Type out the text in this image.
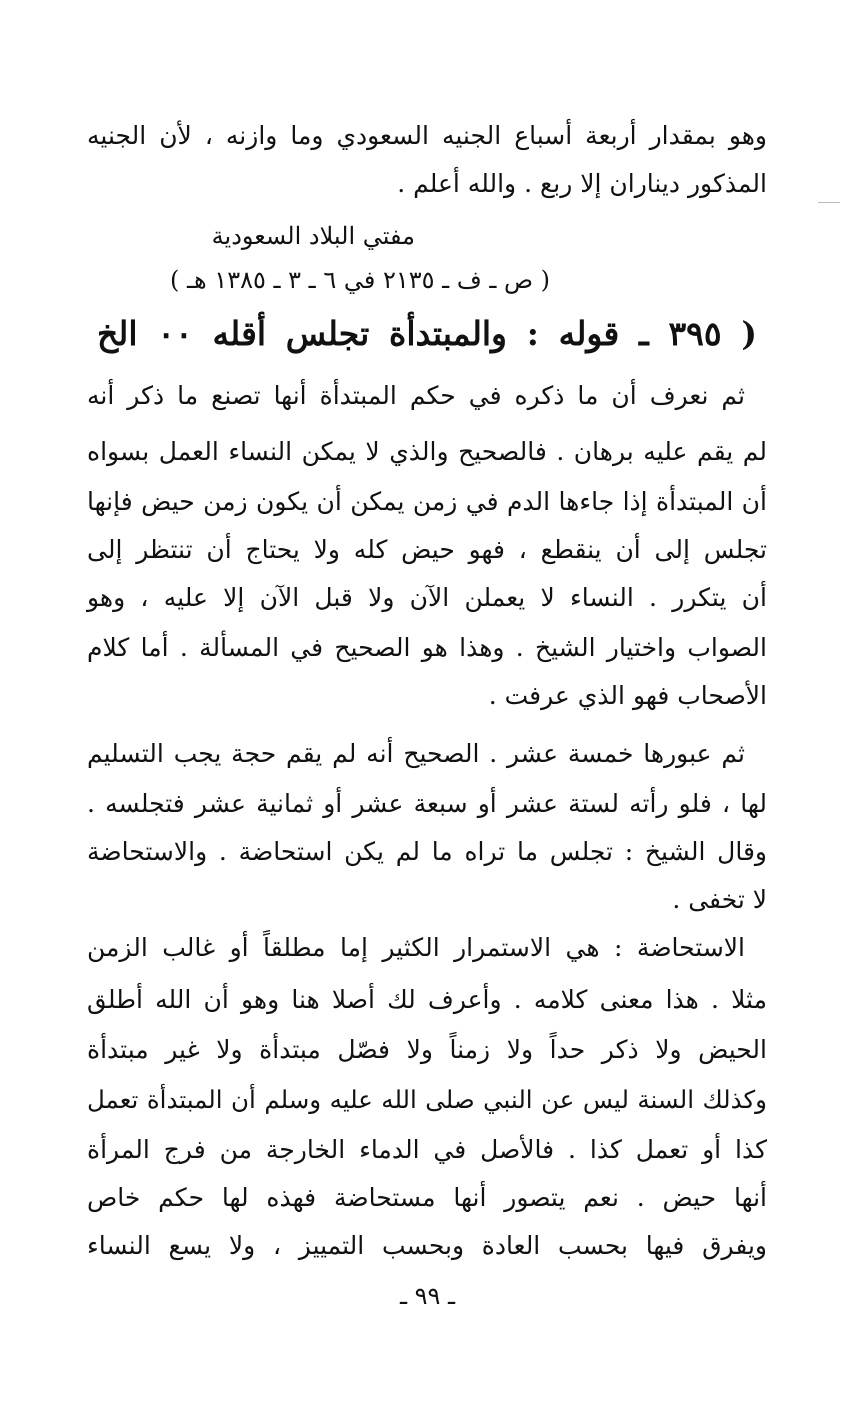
وهو بمقدار أربعة أسباع الجنيه السعودي وما وازنه ، لأن الجنيه
المذكور ديناران إلا ربع . والله أعلم .
مفتي البلاد السعودية
( ص ـ ف ـ ٢١٣٥ في ٦ ـ ٣ ـ ١٣٨٥ هـ )
( ٣٩٥ ـ قوله : والمبتدأة تجلس أقله ٠٠ الخ
ثم نعرف أن ما ذكره في حكم المبتدأة أنها تصنع ما ذكر أنه
لم يقم عليه برهان . فالصحيح والذي لا يمكن النساء العمل بسواه
أن المبتدأة إذا جاءها الدم في زمن يمكن أن يكون زمن حيض فإنها
تجلس إلى أن ينقطع ، فهو حيض كله ولا يحتاج أن تنتظر إلى
أن يتكرر . النساء لا يعملن الآن ولا قبل الآن إلا عليه ، وهو
الصواب واختيار الشيخ . وهذا هو الصحيح في المسألة . أما كلام
الأصحاب فهو الذي عرفت .
ثم عبورها خمسة عشر . الصحيح أنه لم يقم حجة يجب التسليم
لها ، فلو رأته لستة عشر أو سبعة عشر أو ثمانية عشر فتجلسه .
وقال الشيخ : تجلس ما تراه ما لم يكن استحاضة . والاستحاضة
لا تخفى .
الاستحاضة : هي الاستمرار الكثير إما مطلقاً أو غالب الزمن
مثلا . هذا معنى كلامه . وأعرف لك أصلا هنا وهو أن الله أطلق
الحيض ولا ذكر حداً ولا زمناً ولا فصّل مبتدأة ولا غير مبتدأة
وكذلك السنة ليس عن النبي صلى الله عليه وسلم أن المبتدأة تعمل
كذا أو تعمل كذا . فالأصل في الدماء الخارجة من فرج المرأة
أنها حيض . نعم يتصور أنها مستحاضة فهذه لها حكم خاص
ويفرق فيها بحسب العادة وبحسب التمييز ، ولا يسع النساء
ـ ٩٩ ـ
